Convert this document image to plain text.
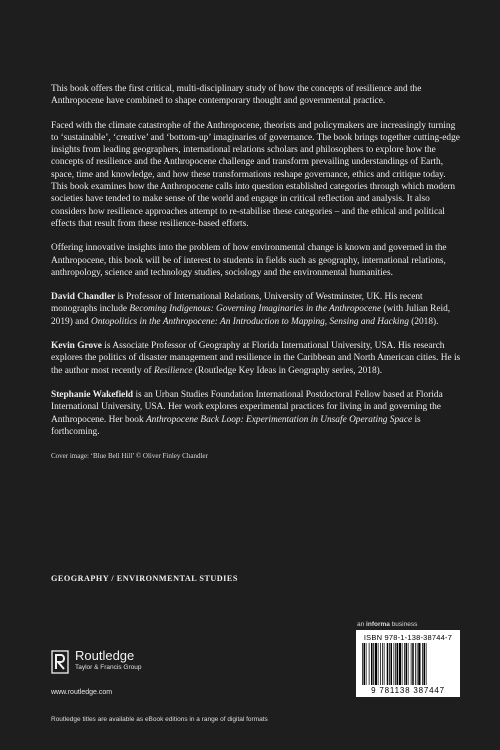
This book offers the first critical, multi-disciplinary study of how the concepts of resilience and the Anthropocene have combined to shape contemporary thought and governmental practice.

Faced with the climate catastrophe of the Anthropocene, theorists and policymakers are increasingly turning to ‘sustainable’, ‘creative’ and ‘bottom-up’ imaginaries of governance. The book brings together cutting-edge insights from leading geographers, international relations scholars and philosophers to explore how the concepts of resilience and the Anthropocene challenge and transform prevailing understandings of Earth, space, time and knowledge, and how these transformations reshape governance, ethics and critique today. This book examines how the Anthropocene calls into question established categories through which modern societies have tended to make sense of the world and engage in critical reflection and analysis. It also considers how resilience approaches attempt to re-stabilise these categories – and the ethical and political effects that result from these resilience-based efforts.

Offering innovative insights into the problem of how environmental change is known and governed in the Anthropocene, this book will be of interest to students in fields such as geography, international relations, anthropology, science and technology studies, sociology and the environmental humanities.

David Chandler is Professor of International Relations, University of Westminster, UK. His recent monographs include Becoming Indigenous: Governing Imaginaries in the Anthropocene (with Julian Reid, 2019) and Ontopolitics in the Anthropocene: An Introduction to Mapping, Sensing and Hacking (2018).

Kevin Grove is Associate Professor of Geography at Florida International University, USA. His research explores the politics of disaster management and resilience in the Caribbean and North American cities. He is the author most recently of Resilience (Routledge Key Ideas in Geography series, 2018).

Stephanie Wakefield is an Urban Studies Foundation International Postdoctoral Fellow based at Florida International University, USA. Her work explores experimental practices for living in and governing the Anthropocene. Her book Anthropocene Back Loop: Experimentation in Unsafe Operating Space is forthcoming.

Cover image: ‘Blue Bell Hill’ © Oliver Finley Chandler
GEOGRAPHY / ENVIRONMENTAL STUDIES
an informa business
ISBN 978-1-138-38744-7
9 781138 387447
Routledge
Taylor & Francis Group
www.routledge.com
Routledge titles are available as eBook editions in a range of digital formats
